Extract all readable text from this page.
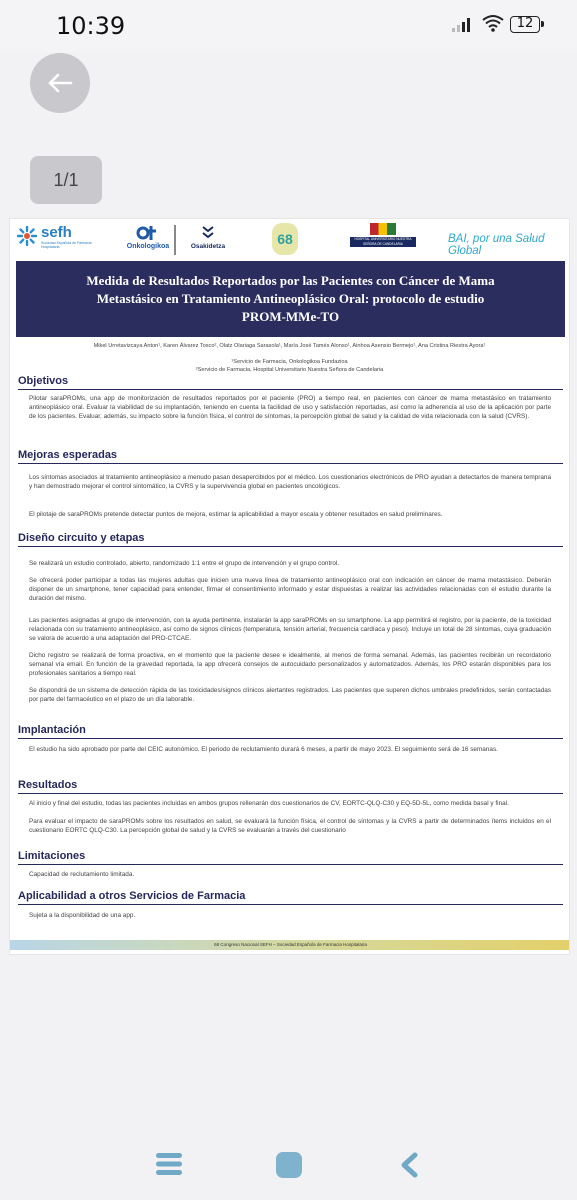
10:39	12
1/1
sefh
Sociedad Española de Farmacia Hospitalaria	Onkologikoa	Osakidetza	68	HOSPITAL UNIVERSITARIO NUESTRA SEÑORA DE CANDELARIA	BAI, por una Salud Global
Medida de Resultados Reportados por las Pacientes con Cáncer de Mama
Metastásico en Tratamiento Antineoplásico Oral: protocolo de estudio
PROM-MMe-TO
Mikel Urretavizcaya Anton¹, Karen Álvarez Tosco², Olatz Olariaga Sarasola¹, María José Tamés Alonso¹, Ainhoa Asensio Bermejo¹, Ana Cristina Riestra Ayora¹
¹Servicio de Farmacia, Onkologikoa Fundazioa
²Servicio de Farmacia, Hospital Universitario Nuestra Señora de Candelaria
Objetivos
Pilotar saraPROMs, una app de monitorización de resultados reportados por el paciente (PRO) a tiempo real, en pacientes con cáncer de mama metastásico en tratamiento antineoplásico oral. Evaluar la viabilidad de su implantación, teniendo en cuenta la facilidad de uso y satisfacción reportadas, así como la adherencia al uso de la aplicación por parte de los pacientes. Evaluar, además, su impacto sobre la función física, el control de síntomas, la percepción global de salud y la calidad de vida relacionada con la salud (CVRS).
Mejoras esperadas
Los síntomas asociados al tratamiento antineoplásico a menudo pasan desapercibidos por el médico. Los cuestionarios electrónicos de PRO ayudan a detectarlos de manera temprana y han demostrado mejorar el control sintomático, la CVRS y la supervivencia global en pacientes oncológicos.
El pilotaje de saraPROMs pretende detectar puntos de mejora, estimar la aplicabilidad a mayor escala y obtener resultados en salud preliminares.
Diseño circuito y etapas
Se realizará un estudio controlado, abierto, randomizado 1:1 entre el grupo de intervención y el grupo control.
Se ofrecerá poder participar a todas las mujeres adultas que inicien una nueva línea de tratamiento antineoplásico oral con indicación en cáncer de mama metastásico. Deberán disponer de un smartphone, tener capacidad para entender, firmar el consentimiento informado y estar dispuestas a realizar las actividades relacionadas con el estudio durante la duración del mismo.
Las pacientes asignadas al grupo de intervención, con la ayuda pertinente, instalarán la app saraPROMs en su smartphone. La app permitirá el registro, por la paciente, de la toxicidad relacionada con su tratamiento antineoplásico, así como de signos clínicos (temperatura, tensión arterial, frecuencia cardíaca y peso). Incluye un total de 28 síntomas, cuya graduación se valora de acuerdo a una adaptación del PRO-CTCAE.
Dicho registro se realizará de forma proactiva, en el momento que la paciente desee e idealmente, al menos de forma semanal. Además, las pacientes recibirán un recordatorio semanal vía email. En función de la gravedad reportada, la app ofrecerá consejos de autocuidado personalizados y automatizados. Además, los PRO estarán disponibles para los profesionales sanitarios a tiempo real.
Se dispondrá de un sistema de detección rápida de las toxicidades/signos clínicos alertantes registrados. Las pacientes que superen dichos umbrales predefinidos, serán contactadas por parte del farmacéutico en el plazo de un día laborable.
Implantación
El estudio ha sido aprobado por parte del CEIC autonómico. El periodo de reclutamiento durará 6 meses, a partir de mayo 2023. El seguimiento será de 16 semanas.
Resultados
Al inicio y final del estudio, todas las pacientes incluidas en ambos grupos rellenarán dos cuestionarios de CV, EORTC-QLQ-C30 y EQ-5D-5L, como medida basal y final.
Para evaluar el impacto de saraPROMs sobre los resultados en salud, se evaluará la función física, el control de síntomas y la CVRS a partir de determinados ítems incluidos en el cuestionario EORTC QLQ-C30. La percepción global de salud y la CVRS se evaluarán a través del cuestionario
Limitaciones
Capacidad de reclutamiento limitada.
Aplicabilidad a otros Servicios de Farmacia
Sujeta a la disponibilidad de una app.
68 Congreso Nacional SEFH – Sociedad Española de Farmacia Hospitalaria
